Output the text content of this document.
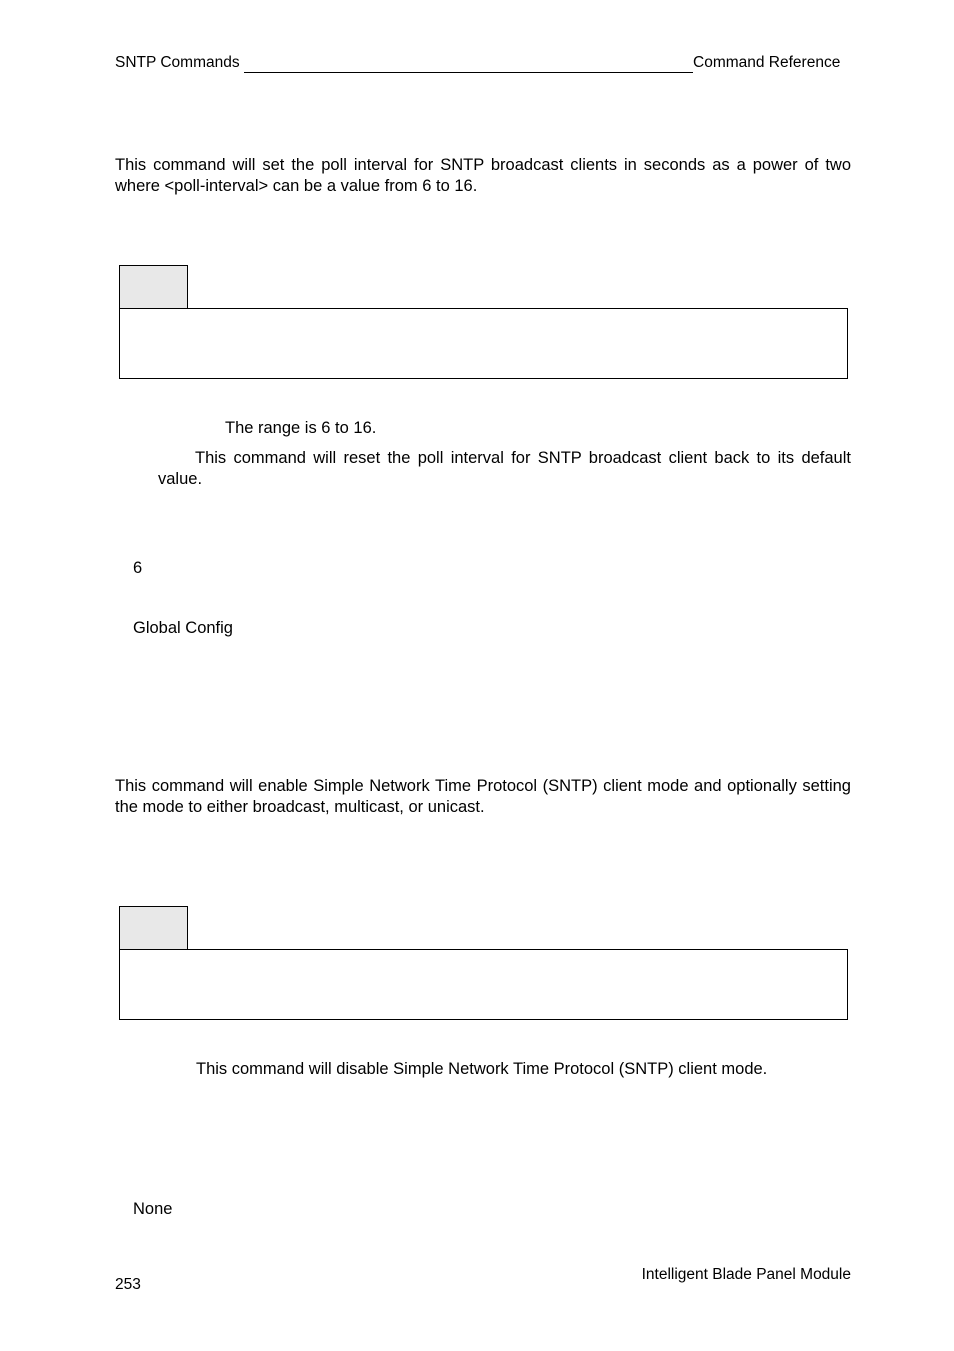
SNTP Commands	Command Reference
This command will set the poll interval for SNTP broadcast clients in seconds as a power of two where <poll-interval> can be a value from 6 to 16.
The range is 6 to 16.
This command will reset the poll interval for SNTP broadcast client back to its default value.
6
Global Config
This command will enable Simple Network Time Protocol (SNTP) client mode and optionally setting the mode to either broadcast, multicast, or unicast.
This command will disable Simple Network Time Protocol (SNTP) client mode.
None
Intelligent Blade Panel Module
253
